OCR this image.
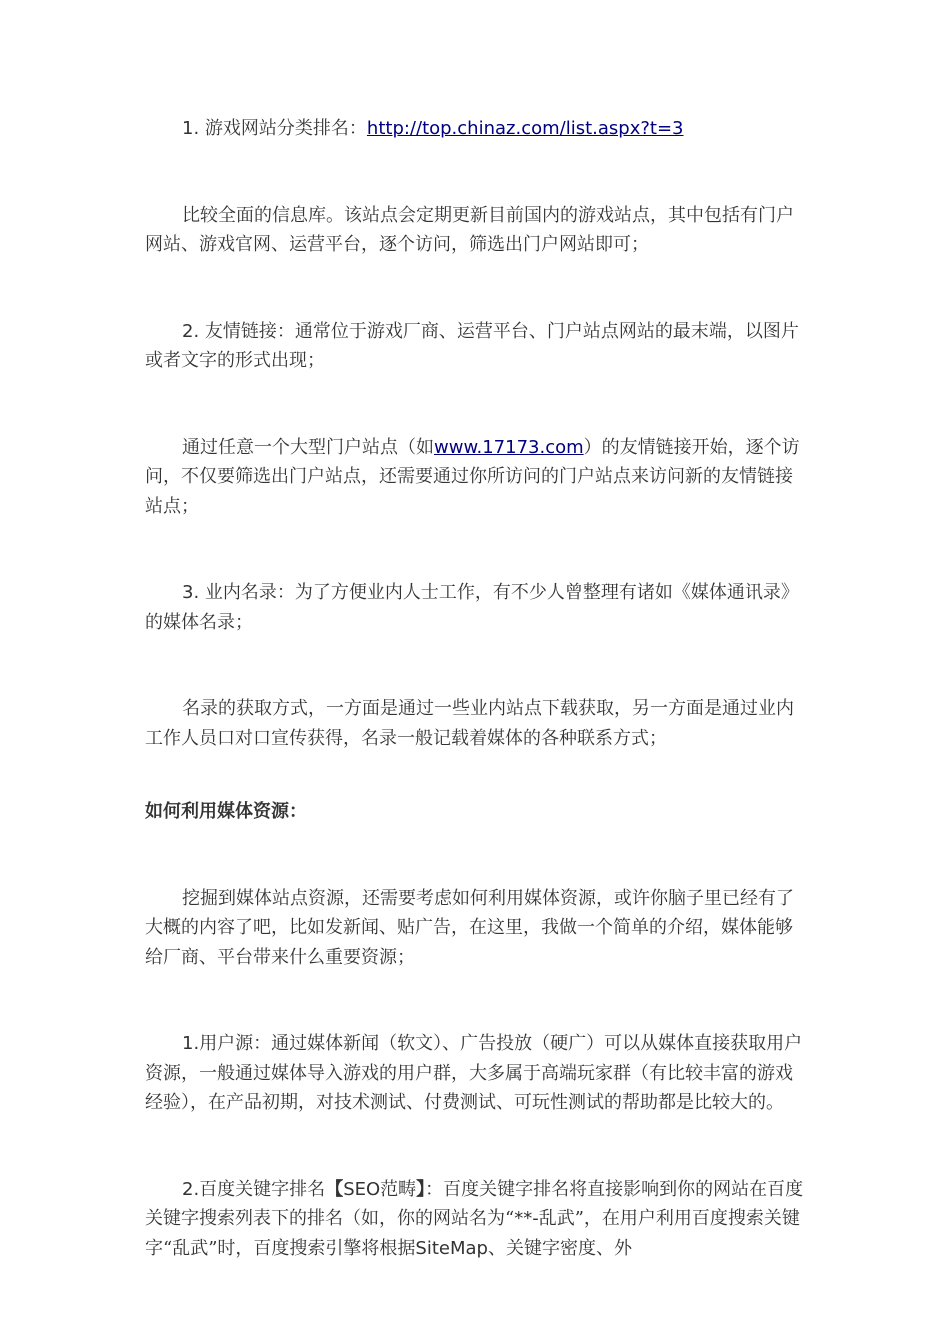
1. 游戏网站分类排名：http://top.chinaz.com/list.aspx?t=3

比较全面的信息库。该站点会定期更新目前国内的游戏站点，其中包括有门户网站、游戏官网、运营平台，逐个访问，筛选出门户网站即可；

2. 友情链接：通常位于游戏厂商、运营平台、门户站点网站的最末端，以图片或者文字的形式出现；

通过任意一个大型门户站点（如www.17173.com）的友情链接开始，逐个访问，不仅要筛选出门户站点，还需要通过你所访问的门户站点来访问新的友情链接站点；

3. 业内名录：为了方便业内人士工作，有不少人曾整理有诸如《媒体通讯录》的媒体名录；

名录的获取方式，一方面是通过一些业内站点下载获取，另一方面是通过业内工作人员口对口宣传获得，名录一般记载着媒体的各种联系方式；

如何利用媒体资源：

挖掘到媒体站点资源，还需要考虑如何利用媒体资源，或许你脑子里已经有了大概的内容了吧，比如发新闻、贴广告，在这里，我做一个简单的介绍，媒体能够给厂商、平台带来什么重要资源；

1.用户源：通过媒体新闻（软文）、广告投放（硬广）可以从媒体直接获取用户资源，一般通过媒体导入游戏的用户群，大多属于高端玩家群（有比较丰富的游戏经验），在产品初期，对技术测试、付费测试、可玩性测试的帮助都是比较大的。

2.百度关键字排名【SEO范畴】：百度关键字排名将直接影响到你的网站在百度关键字搜索列表下的排名（如，你的网站名为“**-乱武”，在用户利用百度搜索关键字“乱武”时，百度搜索引擎将根据SiteMap、关键字密度、外
